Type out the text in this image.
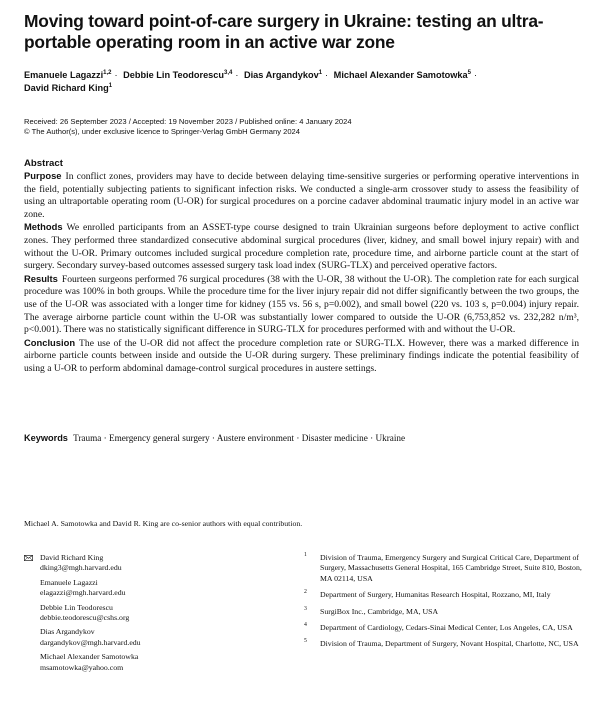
Moving toward point-of-care surgery in Ukraine: testing an ultra-portable operating room in an active war zone
Emanuele Lagazzi$^{1,2}$ · Debbie Lin Teodorescu$^{3,4}$ · Dias Argandykov$^1$ · Michael Alexander Samotowka$^5$ ·
David Richard King$^1$
Received: 26 September 2023 / Accepted: 19 November 2023 / Published online: 4 January 2024
© The Author(s), under exclusive licence to Springer-Verlag GmbH Germany 2024
Abstract

Purpose In conflict zones, providers may have to decide between delaying time-sensitive surgeries or performing operative interventions in the field, potentially subjecting patients to significant infection risks. We conducted a single-arm crossover study to assess the feasibility of using an ultraportable operating room (U-OR) for surgical procedures on a porcine cadaver abdominal traumatic injury model in an active war zone.

Methods We enrolled participants from an ASSET-type course designed to train Ukrainian surgeons before deployment to active conflict zones. They performed three standardized consecutive abdominal surgical procedures (liver, kidney, and small bowel injury repair) with and without the U-OR. Primary outcomes included surgical procedure completion rate, procedure time, and airborne particle count at the start of surgery. Secondary survey-based outcomes assessed surgery task load index (SURG-TLX) and perceived operative factors.

Results Fourteen surgeons performed 76 surgical procedures (38 with the U-OR, 38 without the U-OR). The completion rate for each surgical procedure was 100% in both groups. While the procedure time for the liver injury repair did not differ significantly between the two groups, the use of the U-OR was associated with a longer time for kidney (155 vs. 56 s, p=0.002), and small bowel (220 vs. 103 s, p=0.004) injury repair. The average airborne particle count within the U-OR was substantially lower compared to outside the U-OR (6,753,852 vs. 232,282 n/m³, p<0.001). There was no statistically significant difference in SURG-TLX for procedures performed with and without the U-OR.

Conclusion The use of the U-OR did not affect the procedure completion rate or SURG-TLX. However, there was a marked difference in airborne particle counts between inside and outside the U-OR during surgery. These preliminary findings indicate the potential feasibility of using a U-OR to perform abdominal damage-control surgical procedures in austere settings.

Keywords Trauma · Emergency general surgery · Austere environment · Disaster medicine · Ukraine
Michael A. Samotowka and David R. King are co-senior authors with equal contribution.
David Richard King
dking3@mgh.harvard.edu
Emanuele Lagazzi
elagazzi@mgh.harvard.edu
Debbie Lin Teodorescu
debbie.teodorescu@cshs.org
Dias Argandykov
dargandykov@mgh.harvard.edu
Michael Alexander Samotowka
msamotowka@yahoo.com
1 Division of Trauma, Emergency Surgery and Surgical Critical Care, Department of Surgery, Massachusetts General Hospital, 165 Cambridge Street, Suite 810, Boston, MA 02114, USA
2 Department of Surgery, Humanitas Research Hospital, Rozzano, MI, Italy
3 SurgiBox Inc., Cambridge, MA, USA
4 Department of Cardiology, Cedars-Sinai Medical Center, Los Angeles, CA, USA
5 Division of Trauma, Department of Surgery, Novant Hospital, Charlotte, NC, USA
